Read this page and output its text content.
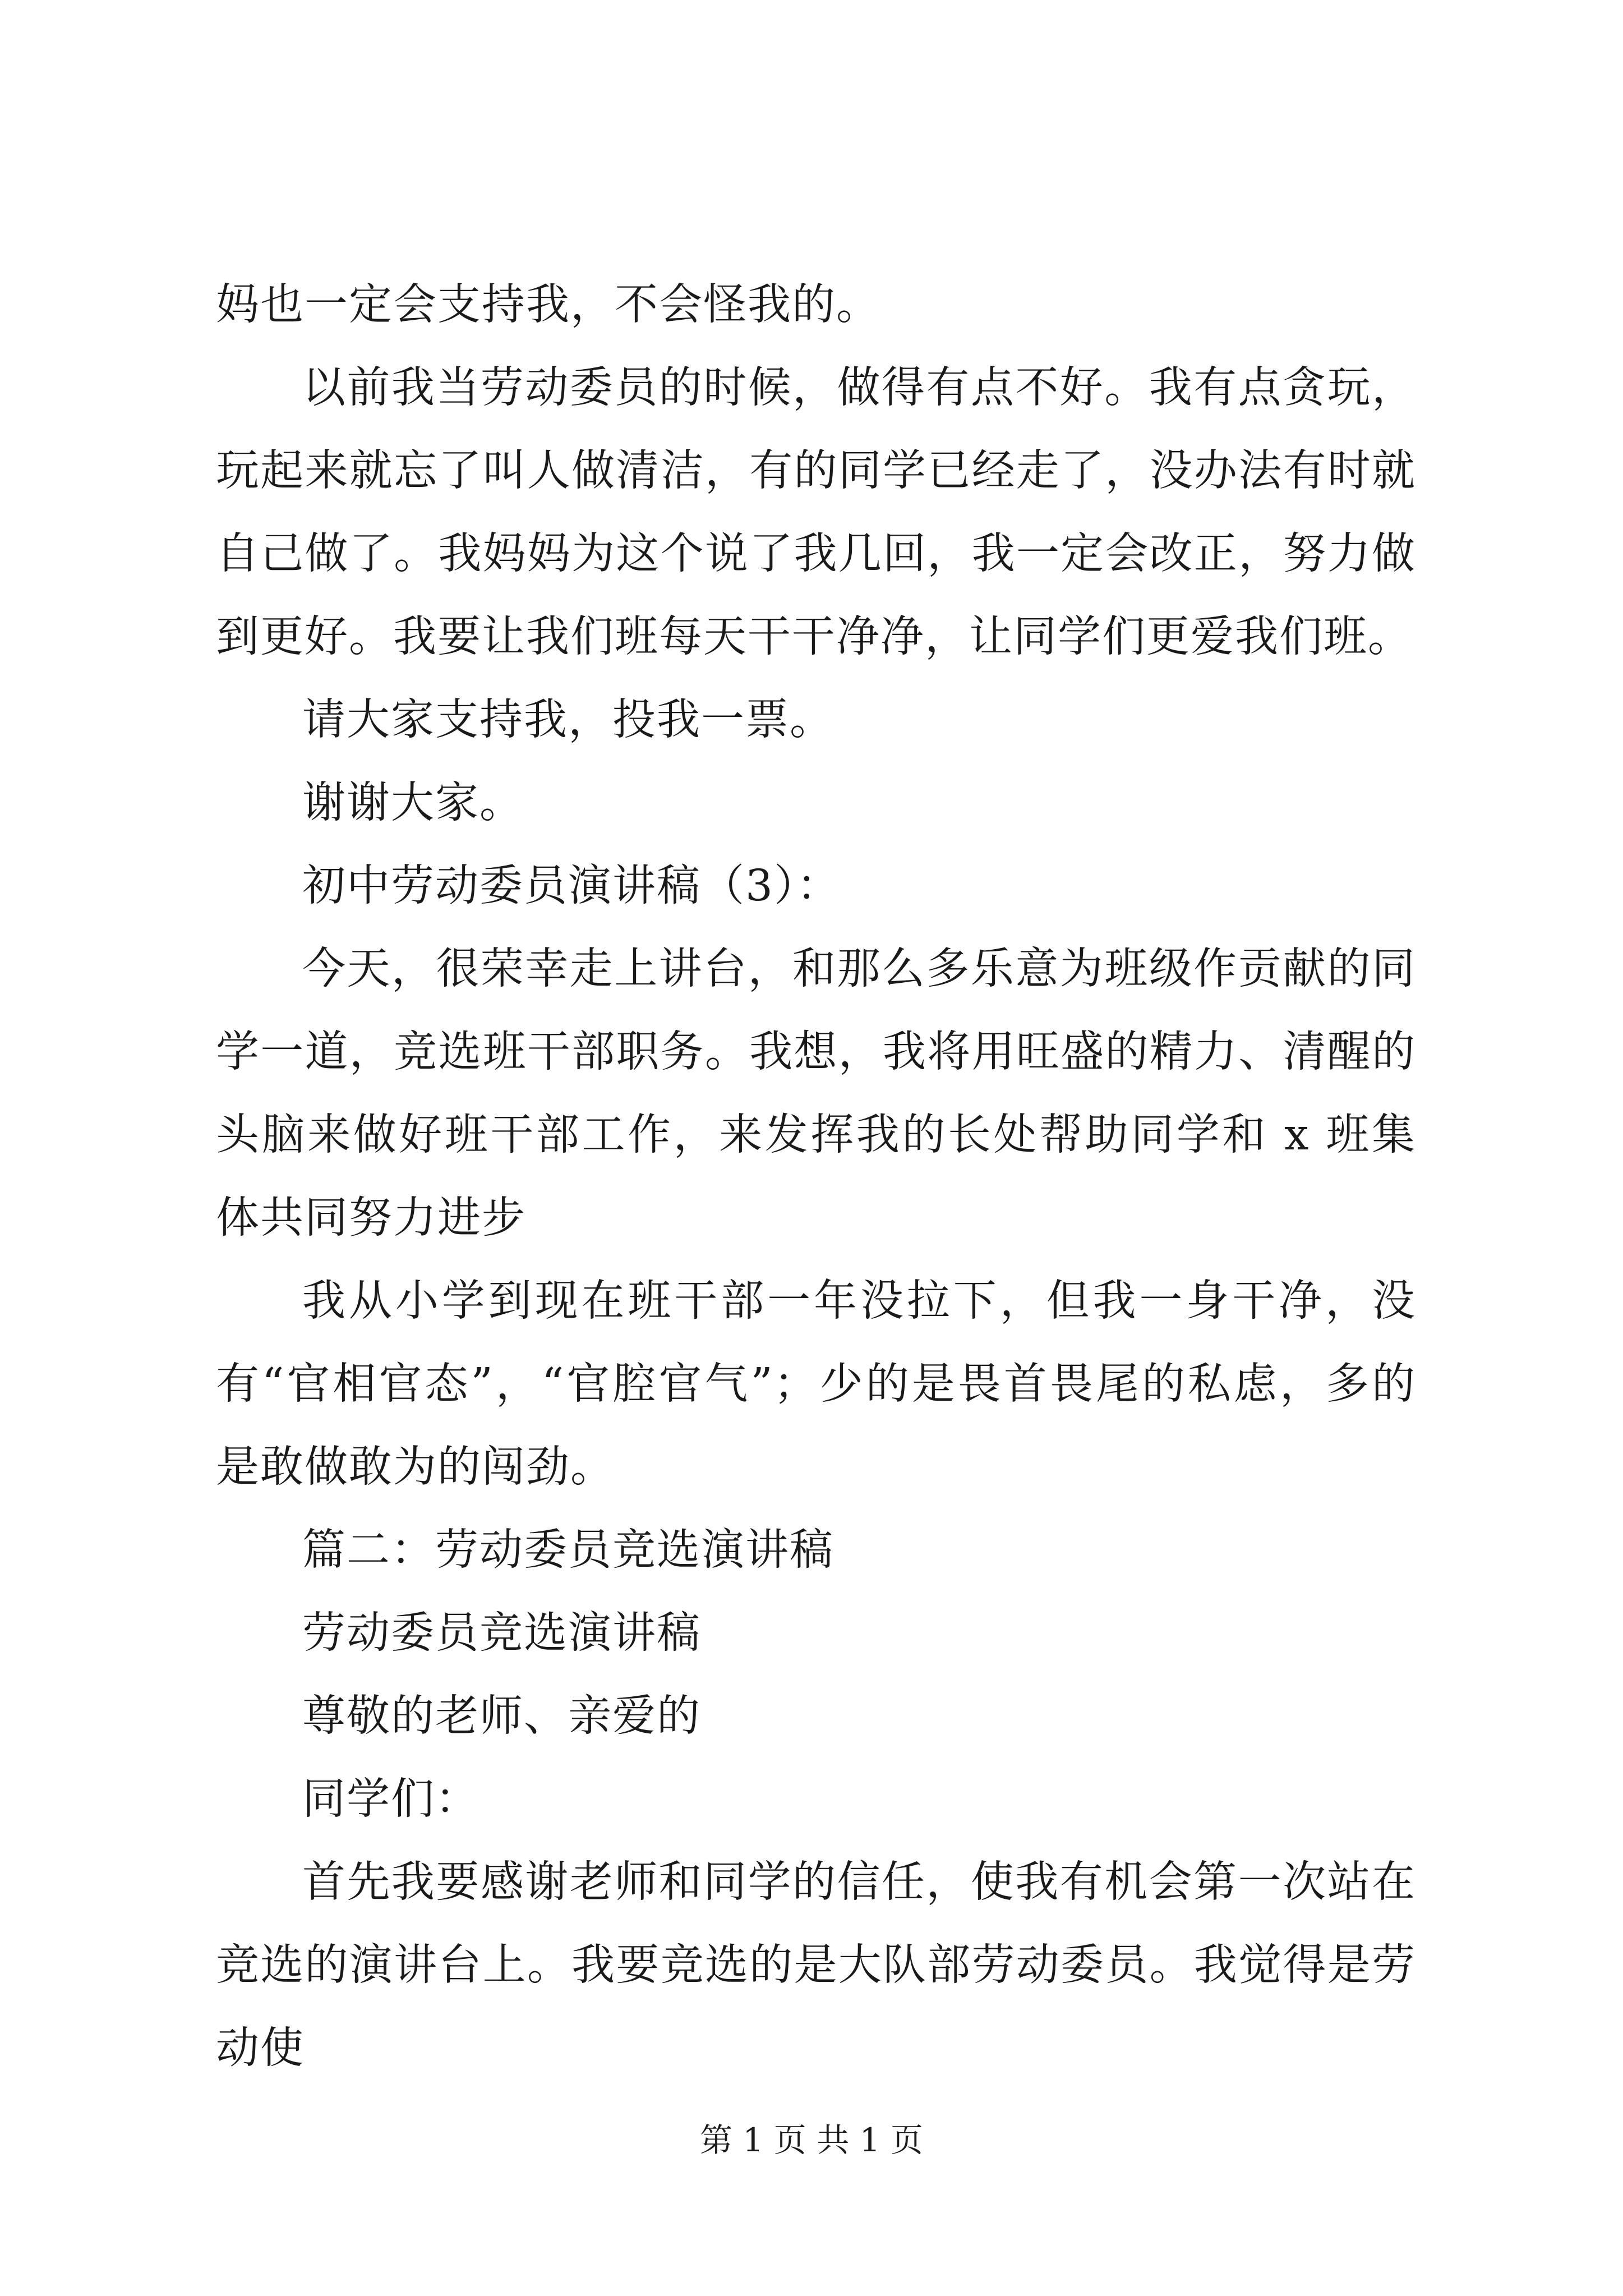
妈也一定会支持我，不会怪我的。

以前我当劳动委员的时候，做得有点不好。我有点贪玩，玩起来就忘了叫人做清洁，有的同学已经走了，没办法有时就自己做了。我妈妈为这个说了我几回，我一定会改正，努力做到更好。我要让我们班每天干干净净，让同学们更爱我们班。

请大家支持我，投我一票。

谢谢大家。

初中劳动委员演讲稿（3）：

今天，很荣幸走上讲台，和那么多乐意为班级作贡献的同学一道，竞选班干部职务。我想，我将用旺盛的精力、清醒的头脑来做好班干部工作，来发挥我的长处帮助同学和 x 班集体共同努力进步

我从小学到现在班干部一年没拉下，但我一身干净，没有“官相官态”，“官腔官气”；少的是畏首畏尾的私虑，多的是敢做敢为的闯劲。

篇二：劳动委员竞选演讲稿

劳动委员竞选演讲稿

尊敬的老师、亲爱的

同学们：

首先我要感谢老师和同学的信任，使我有机会第一次站在竞选的演讲台上。我要竞选的是大队部劳动委员。我觉得是劳动使

第 1 页 共 1 页
